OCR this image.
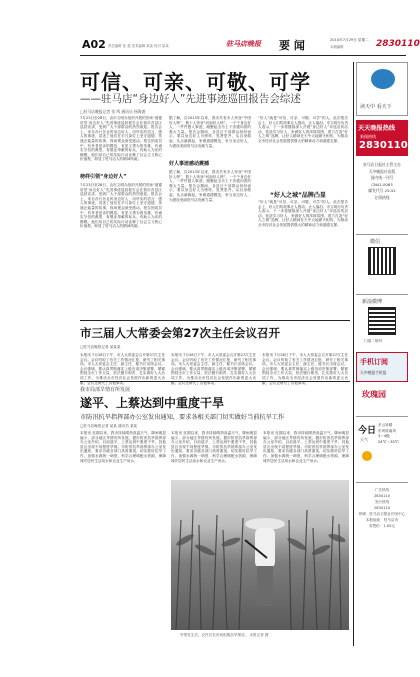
A02 责任编辑 张 超 美术编辑 某某 校对 某某	驻马店晚报 要 闻	2014年7月29日 星期二
本期编辑	2830110
可信、可亲、可敬、可学
——驻马店“身边好人”先进事迹巡回报告会综述
□驻马店晚报记者 张 鸣 通讯员 杨海波
7月23日至28日，由市文明办组织开展的首场“道德讲堂·身边好人”先进事迹巡回报告会在我市各县区巡回宣讲，受到广大干部群众的热烈欢迎。报告会上，来自各行各业的身边好人，用朴实的语言、感人的事迹，讲述了他们在平凡岗位上坚守道德、传递正能量的故事，现场观众深受感动。报告团成员中，有孝老爱亲的模范，有见义勇为的英雄，有诚实守信的典型，有敬业奉献的标兵，有助人为乐的楷模。他们用自己的实际行动诠释了社会主义核心价值观，彰显了驻马店人的精神风貌。
榜样引领“身边好人”
7月23日至28日，由市文明办组织开展的首场“道德讲堂·身边好人”先进事迹巡回报告会在我市各县区巡回宣讲，受到广大干部群众的热烈欢迎。报告会上，来自各行各业的身边好人，用朴实的语言、感人的事迹，讲述了他们在平凡岗位上坚守道德、传递正能量的故事，现场观众深受感动。报告团成员中，有孝老爱亲的模范，有见义勇为的英雄，有诚实守信的典型，有敬业奉献的标兵，有助人为乐的楷模。他们用自己的实际行动诠释了社会主义核心价值观，彰显了驻马店人的精神风貌。
好人事迹感动震撼
据了解，自2013年以来，我市共有多人荣登“中国好人榜”，数十人荣登“河南好人榜”。一个个身边好人，一件件感人事迹，凝聚起全市上下崇德向善的强大力量。报告会期间，各县区干部群众纷纷表示，要以身边好人为榜样，见贤思齐，从自身做起，从点滴做起，争做道德模范，争当身边好人，为建设美丽驻马店贡献力量。
据了解，自2013年以来，我市共有多人荣登“中国好人榜”，数十人荣登“河南好人榜”。一个个身边好人，一件件感人事迹，凝聚起全市上下崇德向善的强大力量。报告会期间，各县区干部群众纷纷表示，要以身边好人为榜样，见贤思齐，从自身做起，从点滴做起，争做道德模范，争当身边好人，为建设美丽驻马店贡献力量。
“好人”就是“可信、可亲、可敬、可学”的人。此次报告会上，好人们的故事让人感动，让人落泪。市文明办负责人表示，下一步将继续深入开展“身边好人”评选宣传活动，营造学习好人、争做好人的浓厚氛围，着力打造“好人之城”品牌，让好人精神在天中大地薪火相传，为推动全市经济社会发展提供强大的精神动力和道德支撑。
“好人之城”品牌凸显
“好人”就是“可信、可亲、可敬、可学”的人。此次报告会上，好人们的故事让人感动，让人落泪。市文明办负责人表示，下一步将继续深入开展“身边好人”评选宣传活动，营造学习好人、争做好人的浓厚氛围，着力打造“好人之城”品牌，让好人精神在天中大地薪火相传，为推动全市经济社会发展提供强大的精神动力和道德支撑。
市三届人大常委会第27次主任会议召开
□驻马店晚报记者 某某某
本报讯 7月28日下午，市人大常委会召开第27次主任会议。会议听取了有关工作情况汇报，研究了相关事项。市人大常委会主任、副主任、秘书长出席会议。会议强调，要认真贯彻落实上级各项决策部署，紧紧围绕全市工作大局，依法履行职责，扎实做好人大各项工作，为推动全市经济社会发展作出新的更大贡献。会议还研究了其他事项。
本报讯 7月28日下午，市人大常委会召开第27次主任会议。会议听取了有关工作情况汇报，研究了相关事项。市人大常委会主任、副主任、秘书长出席会议。会议强调，要认真贯彻落实上级各项决策部署，紧紧围绕全市工作大局，依法履行职责，扎实做好人大各项工作，为推动全市经济社会发展作出新的更大贡献。会议还研究了其他事项。
本报讯 7月28日下午，市人大常委会召开第27次主任会议。会议听取了有关工作情况汇报，研究了相关事项。市人大常委会主任、副主任、秘书长出席会议。会议强调，要认真贯彻落实上级各项决策部署，紧紧围绕全市工作大局，依法履行职责，扎实做好人大各项工作，为推动全市经济社会发展作出新的更大贡献。会议还研究了其他事项。
我市局部旱情有所发展
遂平、上蔡达到中重度干旱
市防汛抗旱指挥部办公室发出通知，要求各相关部门切实做好当前抗旱工作
□驻马店晚报记者 某某 通讯员 某某
本报讯 近期以来，我市持续晴热高温天气，降雨明显偏少，部分地区旱情有所发展。据市防汛抗旱指挥部办公室介绍，目前遂平、上蔡达到中重度干旱，其他县区出现不同程度旱情。市防汛抗旱指挥部办公室发出通知，要求各级各部门高度重视，切实做好抗旱工作，加强水源统一调度，科学合理调配水资源，保障城乡居民生活用水和农业生产用水。
旱情发生后，农民们在田间积极抗旱保苗。 本报记者 摄
本报讯 近期以来，我市持续晴热高温天气，降雨明显偏少，部分地区旱情有所发展。据市防汛抗旱指挥部办公室介绍，目前遂平、上蔡达到中重度干旱，其他县区出现不同程度旱情。市防汛抗旱指挥部办公室发出通知，要求各级各部门高度重视，切实做好抗旱工作，加强水源统一调度，科学合理调配水资源，保障城乡居民生活用水和农业生产用水。
本报讯 近期以来，我市持续晴热高温天气，降雨明显偏少，部分地区旱情有所发展。据市防汛抗旱指挥部办公室介绍，目前遂平、上蔡达到中重度干旱，其他县区出现不同程度旱情。市防汛抗旱指挥部办公室发出通知，要求各级各部门高度重视，切实做好抗旱工作，加强水源统一调度，科学合理调配水资源，保障城乡居民生活用水和农业生产用水。
读天中 看天下
天天晚报热线
新闻热线
2830110
驻马店日报社主管主办
天中晚报社出版
国内统一刊号
CN41-0063
邮发代号 25-52
订阅热线
微信
新浪微博
扫描二维码
手机订阅
天中晚报手机报
玫瑰园
今日
天气
多云转晴
东风转南风
3～4级
24℃～35℃
广告热线
2830110
发行热线
2830110
印刷：驻马店日报社印务中心
本报地址：驻马店市
零售价：1.00元
